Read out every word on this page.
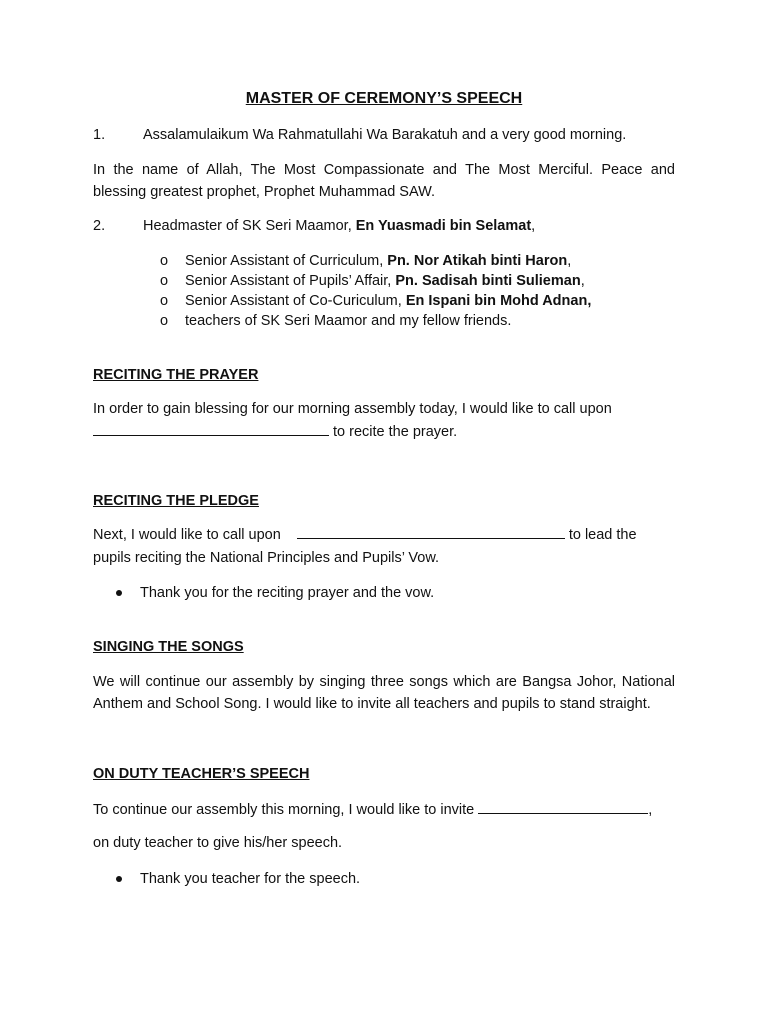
MASTER OF CEREMONY’S SPEECH

1.	Assalamulaikum Wa Rahmatullahi Wa Barakatuh and a very good morning.

In the name of Allah, The Most Compassionate and The Most Merciful. Peace and blessing greatest prophet, Prophet Muhammad SAW.

2.	Headmaster of SK Seri Maamor, En Yuasmadi bin Selamat,

o Senior Assistant of Curriculum, Pn. Nor Atikah binti Haron,
o Senior Assistant of Pupils’ Affair, Pn. Sadisah binti Sulieman,
o Senior Assistant of Co-Curiculum, En Ispani bin Mohd Adnan,
o teachers of SK Seri Maamor and my fellow friends.

RECITING THE PRAYER

In order to gain blessing for our morning assembly today, I would like to call upon

to recite the prayer.

RECITING THE PLEDGE

Next, I would like to call upon	to lead the

pupils reciting the National Principles and Pupils’ Vow.

Thank you for the reciting prayer and the vow.

SINGING THE SONGS

We will continue our assembly by singing three songs which are Bangsa Johor, National Anthem and School Song. I would like to invite all teachers and pupils to stand straight.

ON DUTY TEACHER’S SPEECH

To continue our assembly this morning, I would like to invite	,

on duty teacher to give his/her speech.

Thank you teacher for the speech.
